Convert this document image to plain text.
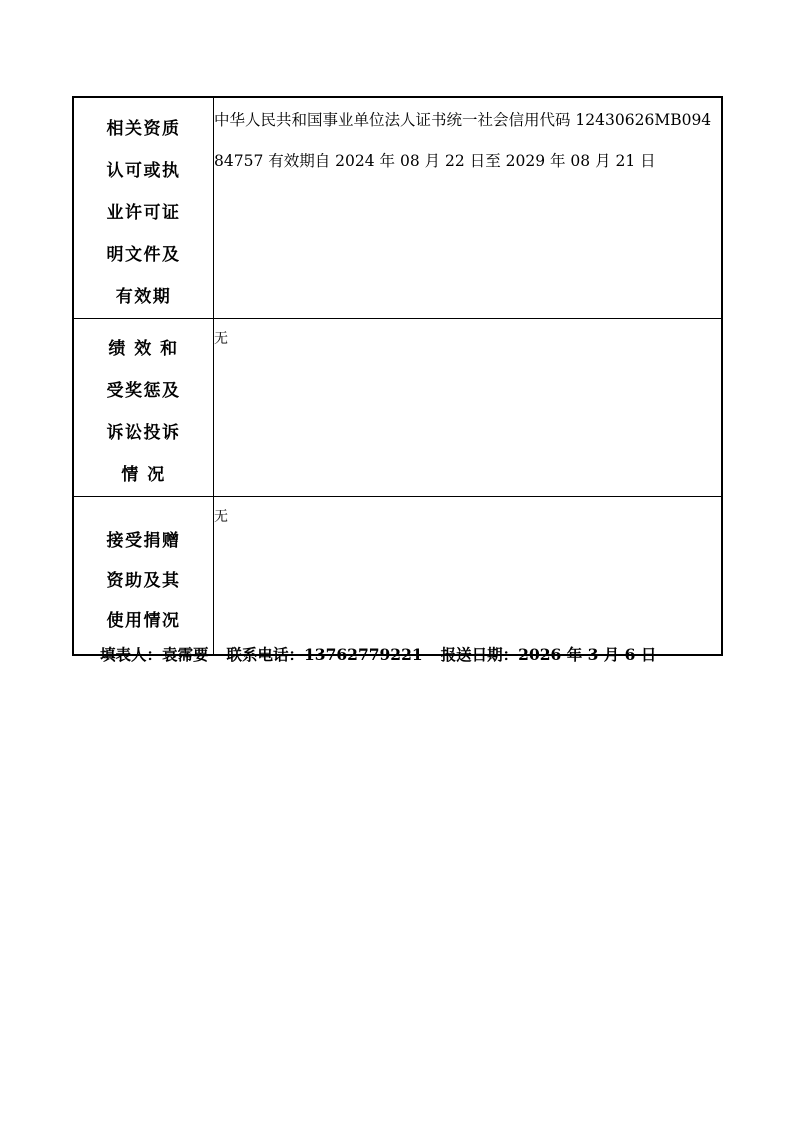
相关资质
认可或执
业许可证
明文件及
有效期	中华人民共和国事业单位法人证书统一社会信用代码 12430626MB09484757 有效期自 2024 年 08 月 22 日至 2029 年 08 月 21 日

绩 效 和
受奖惩及
诉讼投诉
情 况	无

接受捐赠
资助及其
使用情况	无
填表人：袁霈要 联系电话：13762779221 报送日期：2026 年 3 月 6 日
